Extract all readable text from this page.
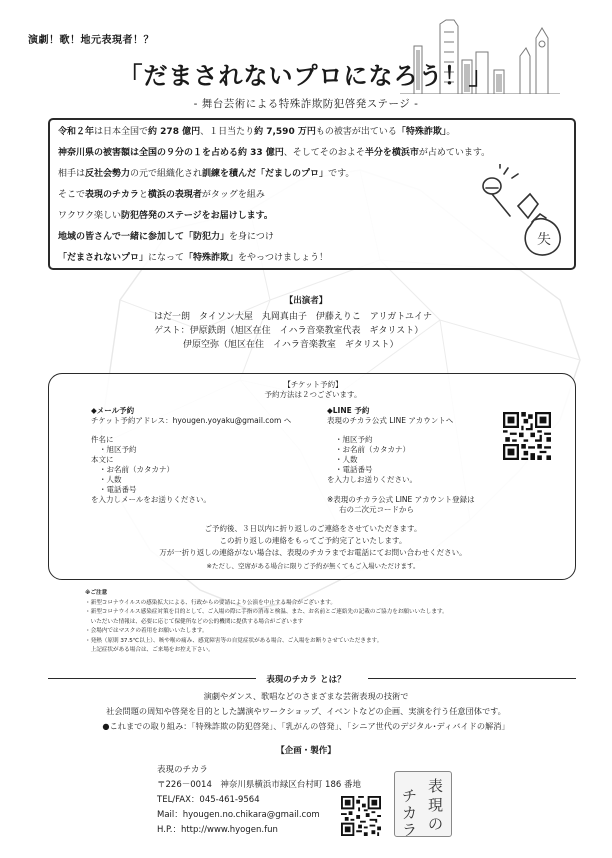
演劇！歌！地元表現者！？
「だまされないプロになろう！」
- 舞台芸術による特殊詐欺防犯啓発ステージ -
令和２年は日本全国で約 278 億円、１日当たり約 7,590 万円もの被害が出ている「特殊詐欺」。
神奈川県の被害額は全国の９分の１を占める約 33 億円、そしてそのおよそ半分を横浜市が占めています。
相手は反社会勢力の元で組織化され訓練を積んだ「だましのプロ」です。
そこで表現のチカラと横浜の表現者がタッグを組み
ワクワク楽しい防犯啓発のステージをお届けします。
地域の皆さんで一緒に参加して「防犯力」を身につけ
「だまされないプロ」になって「特殊詐欺」をやっつけましょう！
失
【出演者】
はだ一朗　タイソン大屋　丸岡真由子　伊藤えりこ　アリガトユイナ
ゲスト：伊原鉄朗（旭区在住　イハラ音楽教室代表　ギタリスト）
伊原空弥（旭区在住　イハラ音楽教室　ギタリスト）
【チケット予約】
予約方法は２つございます。
◆メール予約
チケット予約アドレス：hyougen.yoyaku@gmail.com へ
件名に
・旭区予約
本文に
・お名前（カタカナ）
・人数
・電話番号
を入力しメールをお送りください。
◆LINE 予約
表現のチカラ公式 LINE アカウントへ
・旭区予約
・お名前（カタカナ）
・人数
・電話番号
を入力しお送りください。
※表現のチカラ公式 LINE アカウント登録は
右の二次元コードから
ご予約後、３日以内に折り返しのご連絡をさせていただきます。
この折り返しの連絡をもってご予約完了といたします。
万が一折り返しの連絡がない場合は、表現のチカラまでお電話にてお問い合わせください。
※ただし、空席がある場合に限りご予約が無くてもご入場いただけます。
※ご注意
・新型コロナウイルスの感染拡大による、行政からの要請により公演を中止する場合がございます。
・新型コロナウイルス感染症対策を目的として、ご入場の際に手指の消毒と検温、また、お名前とご連絡先の記載のご協力をお願いいたします。
　いただいた情報は、必要に応じて保健所などの公的機関に提供する場合がございます
・会場内ではマスクの着用をお願いいたします。
・発熱（原則 37.5℃以上）、咳や喉の痛み、感覚障害等の自覚症状がある場合、ご入場をお断りさせていただきます。
　上記症状がある場合は、ご来場をお控え下さい。
表現のチカラ とは？
演劇やダンス、歌唱などのさまざまな芸術表現の技術で
社会問題の周知や啓発を目的とした講演やワークショップ、イベントなどの企画、実演を行う任意団体です。
●これまでの取り組み：「特殊詐欺の防犯啓発」、「乳がんの啓発」、「シニア世代のデジタル･ディバイドの解消」
【企画・製作】
表現のチカラ
〒226－0014　神奈川県横浜市緑区台村町 186 番地
TEL/FAX：045-461-9564
Mail：hyougen.no.chikara@gmail.com
H.P.：http://www.hyogen.fun
表
現
の
チ
カ
ラ
